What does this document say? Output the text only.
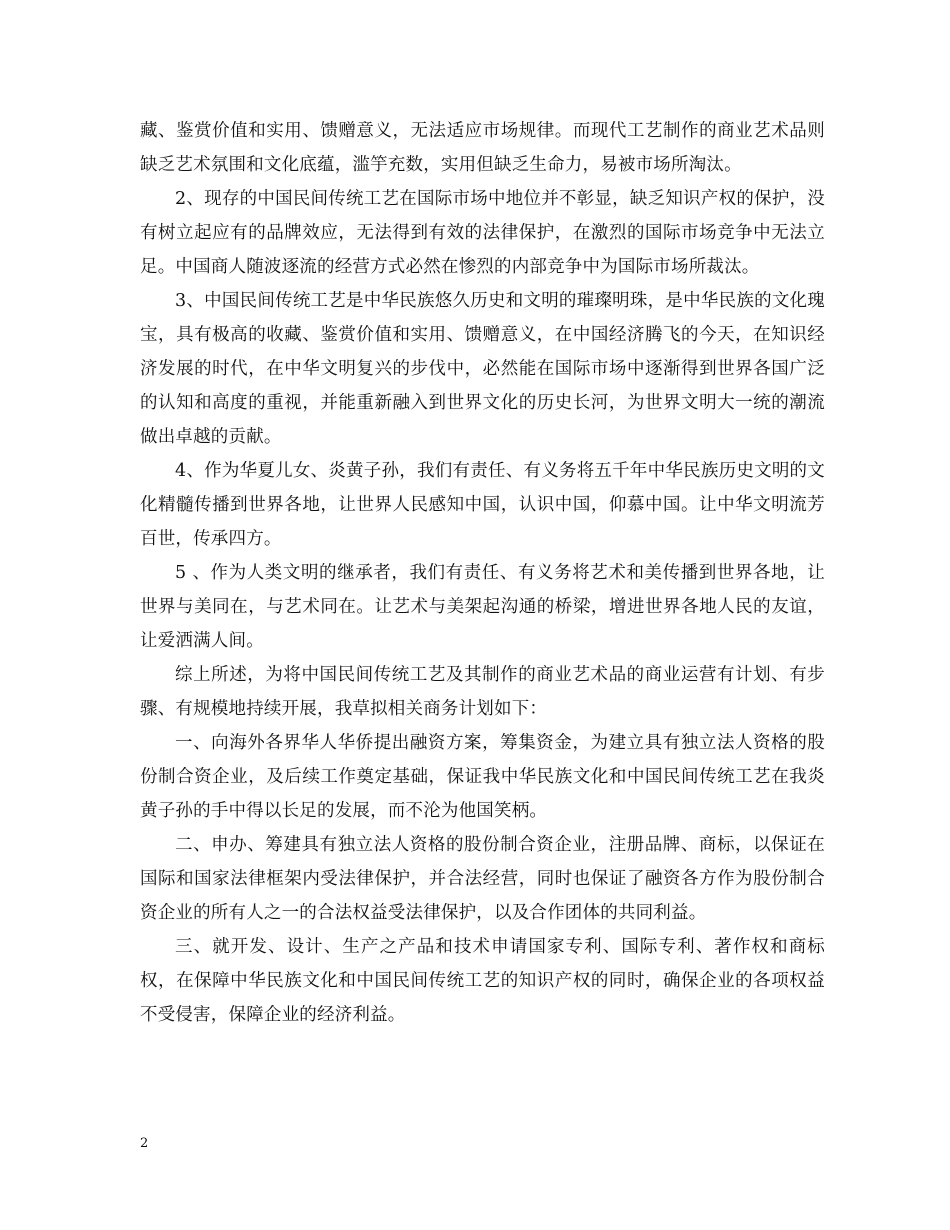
藏、鉴赏价值和实用、馈赠意义，无法适应市场规律。而现代工艺制作的商业艺术品则缺乏艺术氛围和文化底蕴，滥竽充数，实用但缺乏生命力，易被市场所淘汰。

2、现存的中国民间传统工艺在国际市场中地位并不彰显，缺乏知识产权的保护，没有树立起应有的品牌效应，无法得到有效的法律保护，在激烈的国际市场竞争中无法立足。中国商人随波逐流的经营方式必然在惨烈的内部竞争中为国际市场所裁汰。

3、中国民间传统工艺是中华民族悠久历史和文明的璀璨明珠，是中华民族的文化瑰宝，具有极高的收藏、鉴赏价值和实用、馈赠意义，在中国经济腾飞的今天，在知识经济发展的时代，在中华文明复兴的步伐中，必然能在国际市场中逐渐得到世界各国广泛的认知和高度的重视，并能重新融入到世界文化的历史长河，为世界文明大一统的潮流做出卓越的贡献。

4、作为华夏儿女、炎黄子孙，我们有责任、有义务将五千年中华民族历史文明的文化精髓传播到世界各地，让世界人民感知中国，认识中国，仰慕中国。让中华文明流芳百世，传承四方。

5 、作为人类文明的继承者，我们有责任、有义务将艺术和美传播到世界各地，让世界与美同在，与艺术同在。让艺术与美架起沟通的桥梁，增进世界各地人民的友谊，让爱洒满人间。

综上所述，为将中国民间传统工艺及其制作的商业艺术品的商业运营有计划、有步骤、有规模地持续开展，我草拟相关商务计划如下：

一、向海外各界华人华侨提出融资方案，筹集资金，为建立具有独立法人资格的股份制合资企业，及后续工作奠定基础，保证我中华民族文化和中国民间传统工艺在我炎黄子孙的手中得以长足的发展，而不沦为他国笑柄。

二、申办、筹建具有独立法人资格的股份制合资企业，注册品牌、商标，以保证在国际和国家法律框架内受法律保护，并合法经营，同时也保证了融资各方作为股份制合资企业的所有人之一的合法权益受法律保护，以及合作团体的共同利益。

三、就开发、设计、生产之产品和技术申请国家专利、国际专利、著作权和商标权，在保障中华民族文化和中国民间传统工艺的知识产权的同时，确保企业的各项权益不受侵害，保障企业的经济利益。

2
